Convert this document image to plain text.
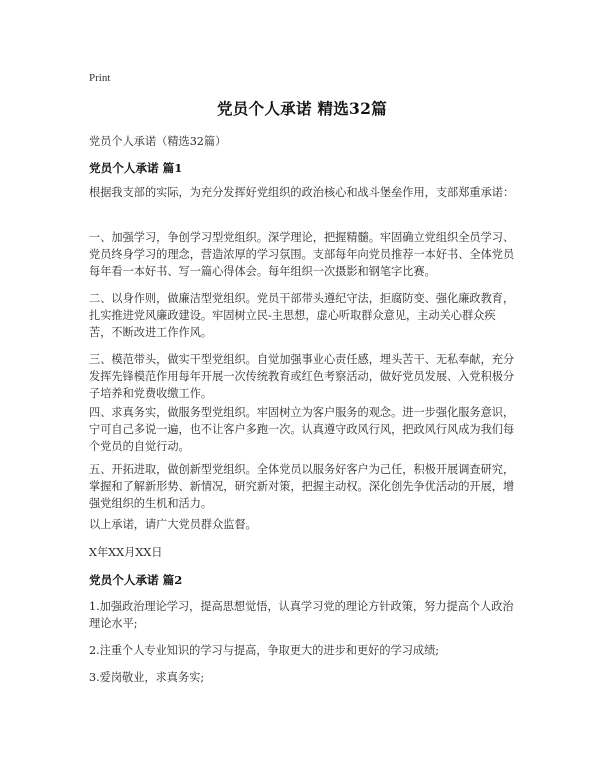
Print
党员个人承诺 精选32篇
党员个人承诺（精选32篇）
党员个人承诺 篇1

根据我支部的实际，为充分发挥好党组织的政治核心和战斗堡垒作用，支部郑重承诺：

一、加强学习，争创学习型党组织。深学理论，把握精髓。牢固确立党组织全员学习、党员终身学习的理念，营造浓厚的学习氛围。支部每年向党员推荐一本好书、全体党员每年看一本好书、写一篇心得体会。每年组织一次摄影和钢笔字比赛。

二、以身作则，做廉洁型党组织。党员干部带头遵纪守法，拒腐防变、强化廉政教育，扎实推进党风廉政建设。牢固树立民-主思想，虚心听取群众意见，主动关心群众疾苦，不断改进工作作风。

三、模范带头，做实干型党组织。自觉加强事业心责任感，埋头苦干、无私奉献，充分发挥先锋模范作用每年开展一次传统教育或红色考察活动，做好党员发展、入党积极分子培养和党费收缴工作。

四、求真务实，做服务型党组织。牢固树立为客户服务的观念。进一步强化服务意识，宁可自己多说一遍，也不让客户多跑一次。认真遵守政风行风，把政风行风成为我们每个党员的自觉行动。

五、开拓进取，做创新型党组织。全体党员以服务好客户为己任，积极开展调查研究，掌握和了解新形势、新情况，研究新对策，把握主动权。深化创先争优活动的开展，增强党组织的生机和活力。

以上承诺，请广大党员群众监督。

X年XX月XX日

党员个人承诺 篇2

1.加强政治理论学习，提高思想觉悟，认真学习党的理论方针政策，努力提高个人政治理论水平;

2.注重个人专业知识的学习与提高，争取更大的进步和更好的学习成绩;

3.爱岗敬业，求真务实;
